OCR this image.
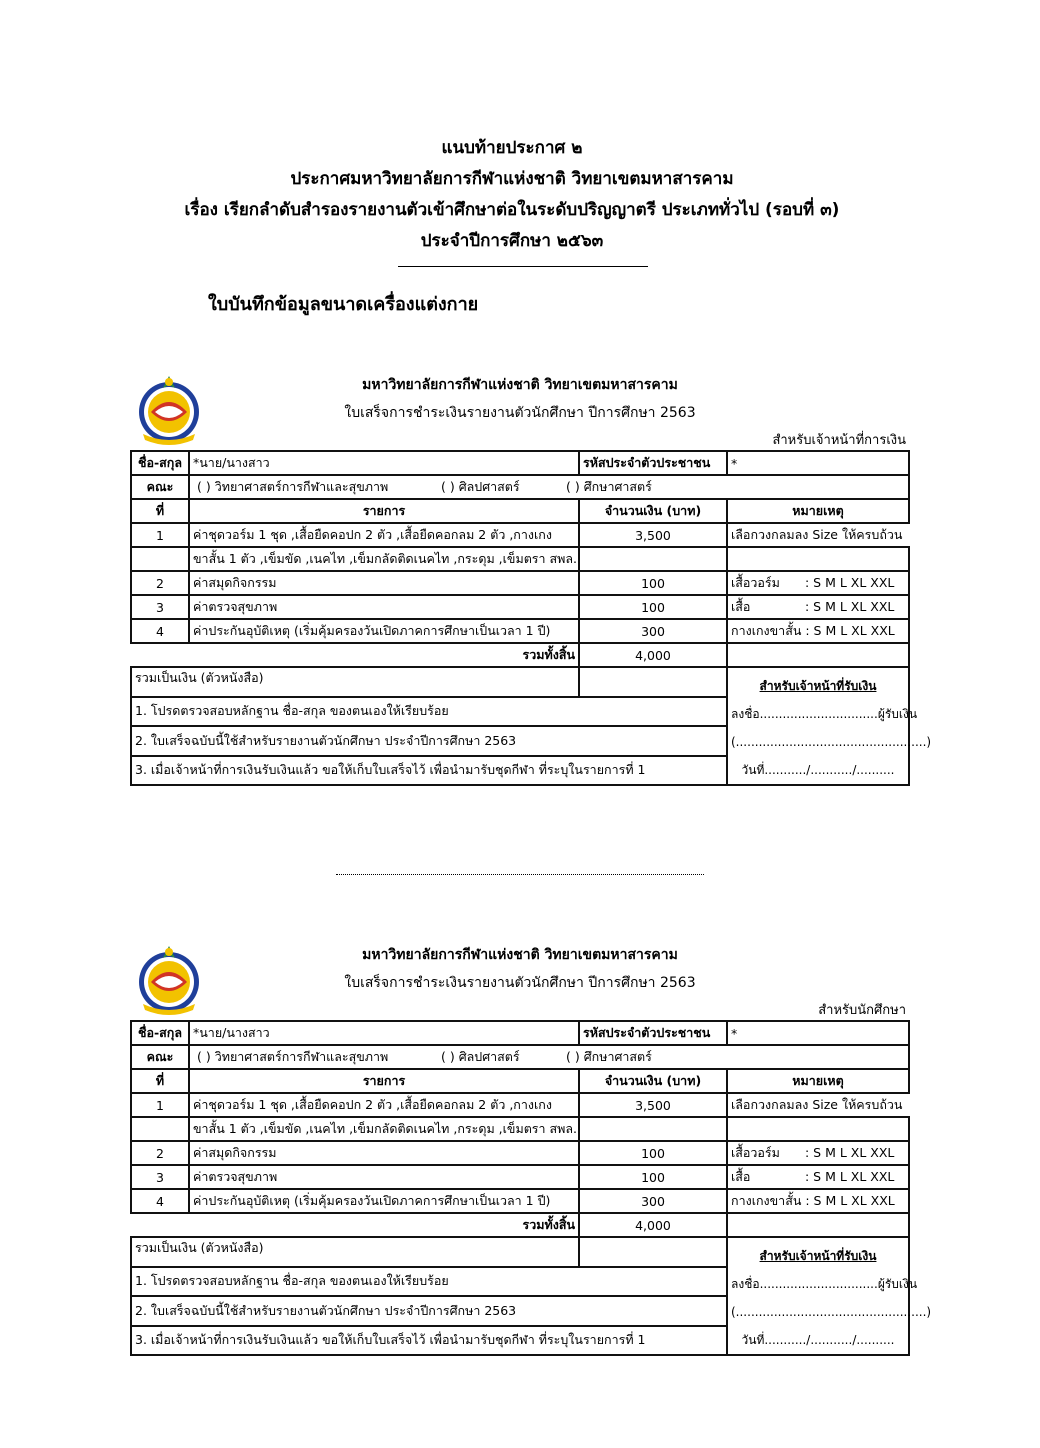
แนบท้ายประกาศ ๒
ประกาศมหาวิทยาลัยการกีฬาแห่งชาติ วิทยาเขตมหาสารคาม
เรื่อง เรียกลำดับสำรองรายงานตัวเข้าศึกษาต่อในระดับปริญญาตรี ประเภททั่วไป (รอบที่ ๓)
ประจำปีการศึกษา ๒๕๖๓
ใบบันทึกข้อมูลขนาดเครื่องแต่งกาย
มหาวิทยาลัยการกีฬาแห่งชาติ วิทยาเขตมหาสารคาม
ใบเสร็จการชำระเงินรายงานตัวนักศึกษา ปีการศึกษา 2563
สำหรับเจ้าหน้าที่การเงิน
ชื่อ-สกุล	*นาย/นางสาว	รหัสประจำตัวประชาชน	*
คณะ	( ) วิทยาศาสตร์การกีฬาและสุขภาพ ( ) ศิลปศาสตร์ ( ) ศึกษาศาสตร์		
ที่	รายการ	จำนวนเงิน (บาท)	หมายเหตุ
1	ค่าชุดวอร์ม 1 ชุด ,เสื้อยืดคอปก 2 ตัว ,เสื้อยืดคอกลม 2 ตัว ,กางเกง	3,500	เลือกวงกลมลง Size ให้ครบถ้วน
	ขาสั้น 1 ตัว ,เข็มขัด ,เนคไท ,เข็มกลัดติดเนคไท ,กระดุม ,เข็มตรา สพล.		
2	ค่าสมุดกิจกรรม	100	เสื้อวอร์ม : S M L XL XXL
3	ค่าตรวจสุขภาพ	100	เสื้อ : S M L XL XXL
4	ค่าประกันอุบัติเหตุ (เริ่มคุ้มครองวันเปิดภาคการศึกษาเป็นเวลา 1 ปี)	300	กางเกงขาสั้น : S M L XL XXL
	รวมทั้งสิ้น	4,000	
รวมเป็นเงิน (ตัวหนังสือ)			สำหรับเจ้าหน้าที่รับเงิน
ลงชื่อ...............................ผู้รับเงิน
(..................................................)
วันที่.........../.........../..........

1. โปรดตรวจสอบหลักฐาน ชื่อ-สกุล ของตนเองให้เรียบร้อย			
2. ใบเสร็จฉบับนี้ใช้สำหรับรายงานตัวนักศึกษา ประจำปีการศึกษา 2563			
3. เมื่อเจ้าหน้าที่การเงินรับเงินแล้ว ขอให้เก็บใบเสร็จไว้ เพื่อนำมารับชุดกีฬา ที่ระบุในรายการที่ 1			
มหาวิทยาลัยการกีฬาแห่งชาติ วิทยาเขตมหาสารคาม
ใบเสร็จการชำระเงินรายงานตัวนักศึกษา ปีการศึกษา 2563
สำหรับนักศึกษา
ชื่อ-สกุล	*นาย/นางสาว	รหัสประจำตัวประชาชน	*
คณะ	( ) วิทยาศาสตร์การกีฬาและสุขภาพ ( ) ศิลปศาสตร์ ( ) ศึกษาศาสตร์		
ที่	รายการ	จำนวนเงิน (บาท)	หมายเหตุ
1	ค่าชุดวอร์ม 1 ชุด ,เสื้อยืดคอปก 2 ตัว ,เสื้อยืดคอกลม 2 ตัว ,กางเกง	3,500	เลือกวงกลมลง Size ให้ครบถ้วน
	ขาสั้น 1 ตัว ,เข็มขัด ,เนคไท ,เข็มกลัดติดเนคไท ,กระดุม ,เข็มตรา สพล.		
2	ค่าสมุดกิจกรรม	100	เสื้อวอร์ม : S M L XL XXL
3	ค่าตรวจสุขภาพ	100	เสื้อ : S M L XL XXL
4	ค่าประกันอุบัติเหตุ (เริ่มคุ้มครองวันเปิดภาคการศึกษาเป็นเวลา 1 ปี)	300	กางเกงขาสั้น : S M L XL XXL
	รวมทั้งสิ้น	4,000	
รวมเป็นเงิน (ตัวหนังสือ)			สำหรับเจ้าหน้าที่รับเงิน
ลงชื่อ...............................ผู้รับเงิน
(..................................................)
วันที่.........../.........../..........

1. โปรดตรวจสอบหลักฐาน ชื่อ-สกุล ของตนเองให้เรียบร้อย			
2. ใบเสร็จฉบับนี้ใช้สำหรับรายงานตัวนักศึกษา ประจำปีการศึกษา 2563			
3. เมื่อเจ้าหน้าที่การเงินรับเงินแล้ว ขอให้เก็บใบเสร็จไว้ เพื่อนำมารับชุดกีฬา ที่ระบุในรายการที่ 1			
